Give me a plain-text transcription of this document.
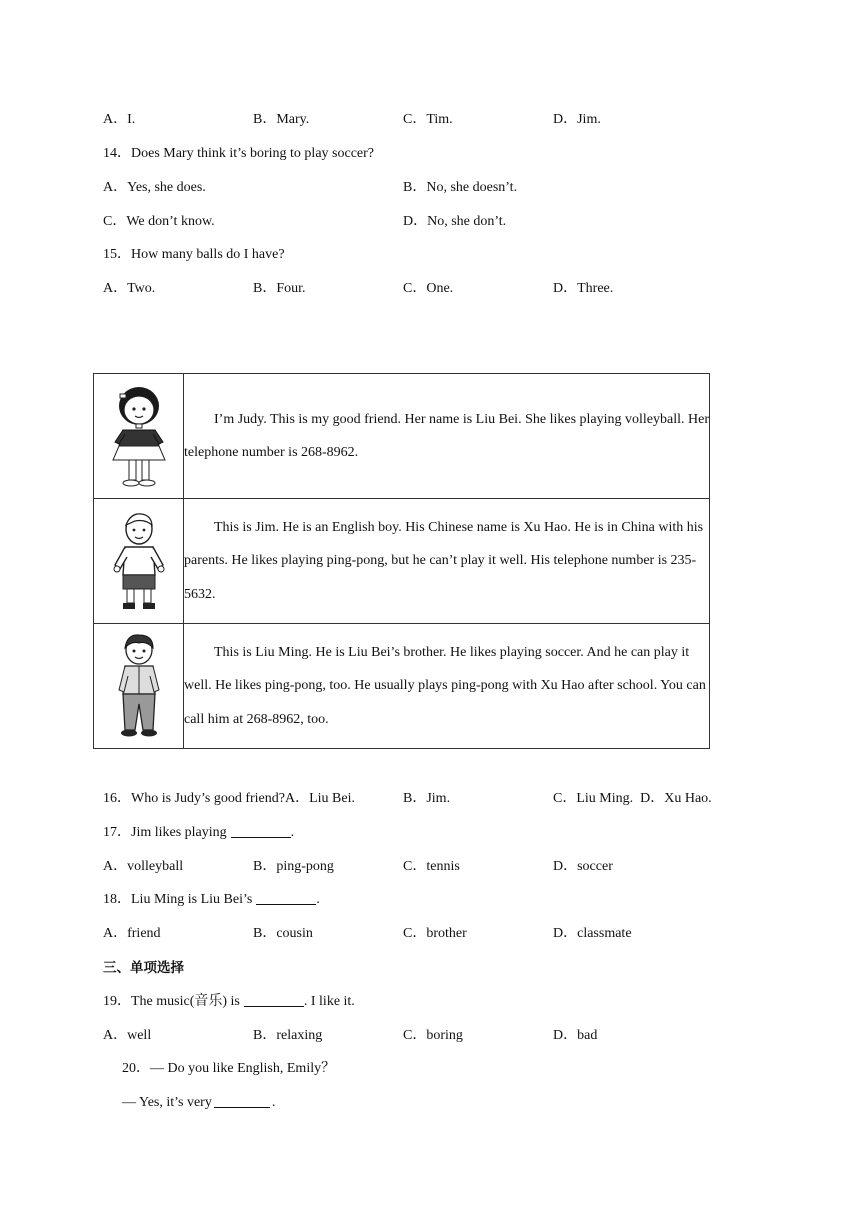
A．I.	B．Mary.	C．Tim.	D．Jim.
14．Does Mary think it’s boring to play soccer?
A．Yes, she does.	B．No, she doesn’t.
C．We don’t know.	D．No, she don’t.
15．How many balls do I have?
A．Two.	B．Four.	C．One.	D．Three.

I’m Judy. This is my good friend. Her name is Liu Bei. She likes playing volleyball. Her telephone number is 268-8962.

This is Jim. He is an English boy. His Chinese name is Xu Hao. He is in China with his parents. He likes playing ping-pong, but he can’t play it well. His telephone number is 235-5632.

This is Liu Ming. He is Liu Bei’s brother. He likes playing soccer. And he can play it well. He likes ping-pong, too. He usually plays ping-pong with Xu Hao after school. You can call him at 268-8962, too.

16．Who is Judy’s good friend?A．Liu Bei.	B．Jim.	C．Liu Ming. D．Xu Hao.
17．Jim likes playing	.
A．volleyball	B．ping-pong	C．tennis	D．soccer
18．Liu Ming is Liu Bei’s	.
A．friend	B．cousin	C．brother	D．classmate
三、单项选择
19．The music(音乐) is	. I like it.
A．well	B．relaxing	C．boring	D．bad
20．— Do you like English, Emily？
— Yes, it’s very	.
